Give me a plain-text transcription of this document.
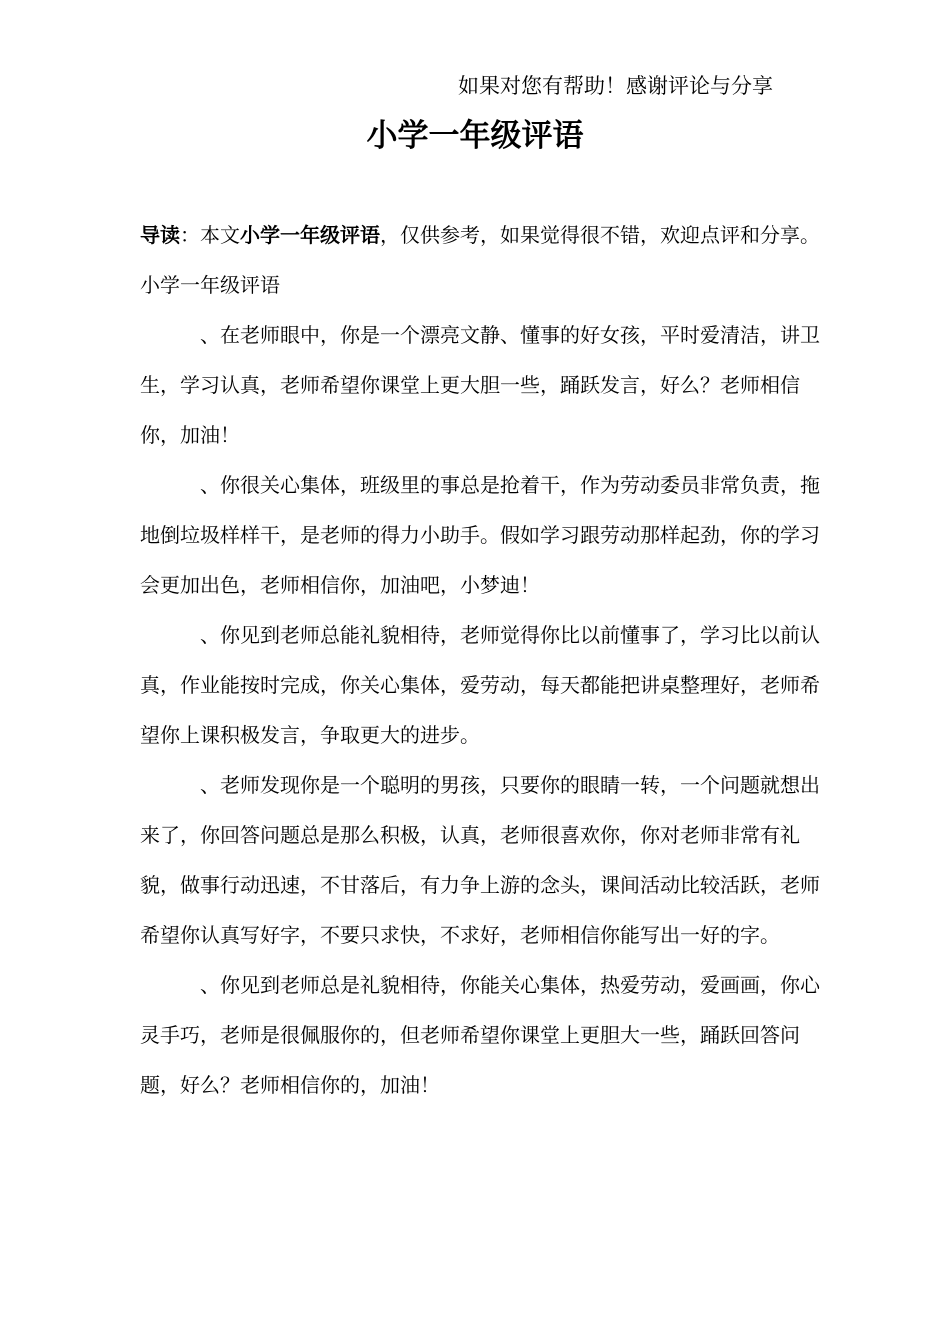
如果对您有帮助！感谢评论与分享
小学一年级评语

导读：本文小学一年级评语，仅供参考，如果觉得很不错，欢迎点评和分享。

小学一年级评语

、在老师眼中，你是一个漂亮文静、懂事的好女孩，平时爱清洁，讲卫生，学习认真，老师希望你课堂上更大胆一些，踊跃发言，好么？老师相信你，加油！

、你很关心集体，班级里的事总是抢着干，作为劳动委员非常负责，拖地倒垃圾样样干，是老师的得力小助手。假如学习跟劳动那样起劲，你的学习会更加出色，老师相信你，加油吧，小梦迪！

、你见到老师总能礼貌相待，老师觉得你比以前懂事了，学习比以前认真，作业能按时完成，你关心集体，爱劳动，每天都能把讲桌整理好，老师希望你上课积极发言，争取更大的进步。

、老师发现你是一个聪明的男孩，只要你的眼睛一转，一个问题就想出来了，你回答问题总是那么积极，认真，老师很喜欢你，你对老师非常有礼貌，做事行动迅速，不甘落后，有力争上游的念头，课间活动比较活跃，老师希望你认真写好字，不要只求快，不求好，老师相信你能写出一好的字。

、你见到老师总是礼貌相待，你能关心集体，热爱劳动，爱画画，你心灵手巧，老师是很佩服你的，但老师希望你课堂上更胆大一些，踊跃回答问题，好么？老师相信你的，加油！
